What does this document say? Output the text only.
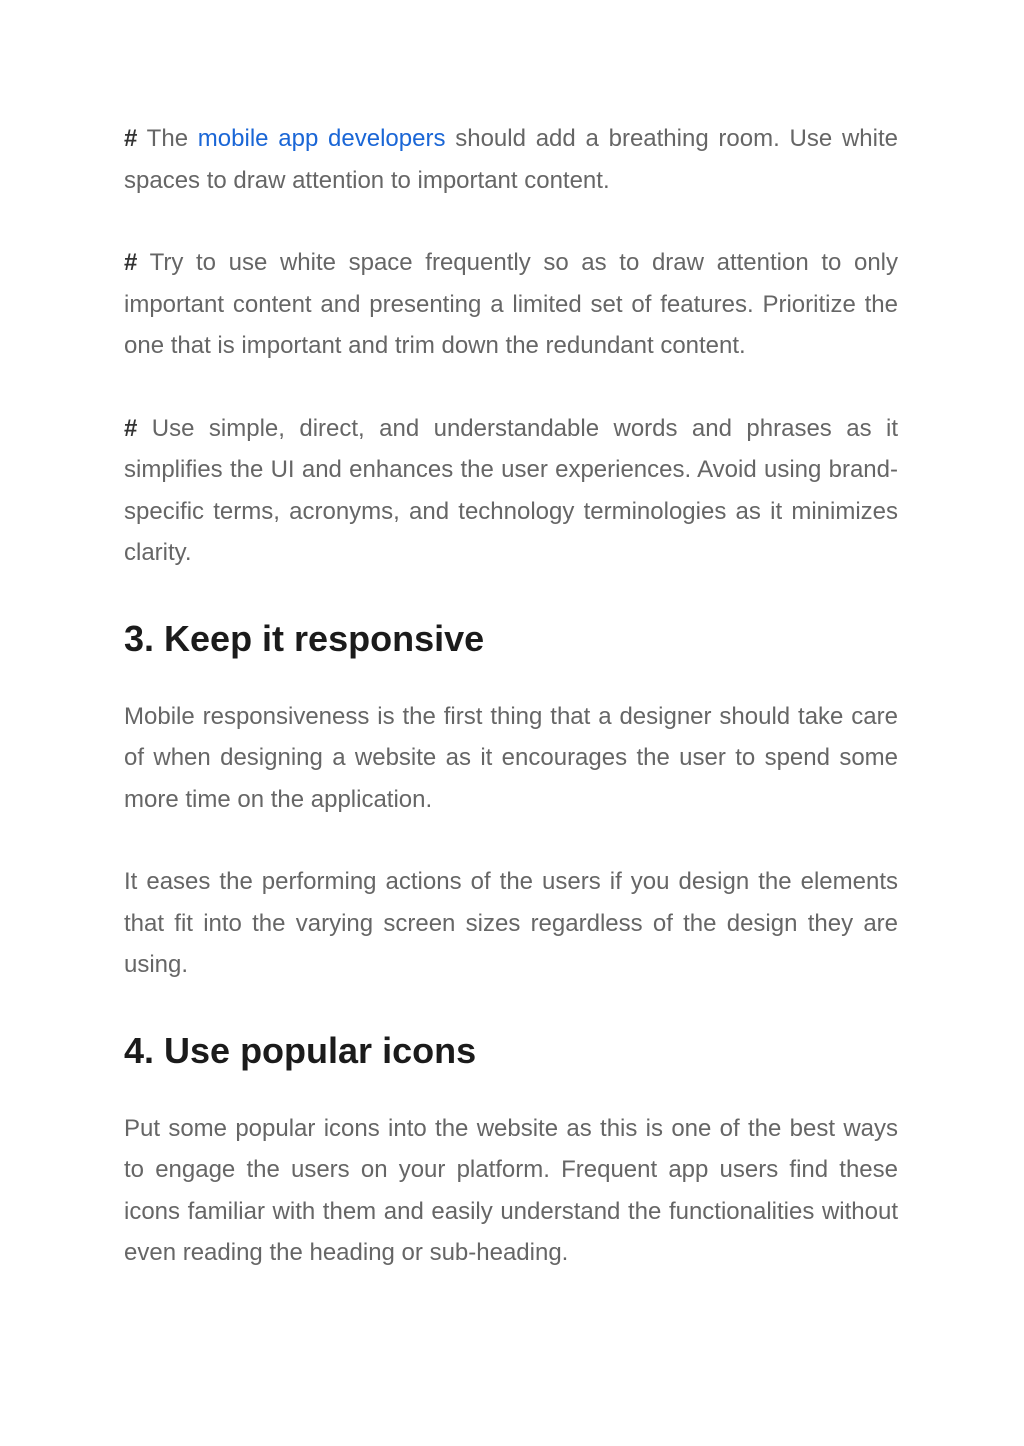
# The mobile app developers should add a breathing room. Use white spaces to draw attention to important content.

# Try to use white space frequently so as to draw attention to only important content and presenting a limited set of features. Prioritize the one that is important and trim down the redundant content.

# Use simple, direct, and understandable words and phrases as it simplifies the UI and enhances the user experiences. Avoid using brand-specific terms, acronyms, and technology terminologies as it minimizes clarity.

3. Keep it responsive

Mobile responsiveness is the first thing that a designer should take care of when designing a website as it encourages the user to spend some more time on the application.

It eases the performing actions of the users if you design the elements that fit into the varying screen sizes regardless of the design they are using.

4. Use popular icons

Put some popular icons into the website as this is one of the best ways to engage the users on your platform. Frequent app users find these icons familiar with them and easily understand the functionalities without even reading the heading or sub-heading.
